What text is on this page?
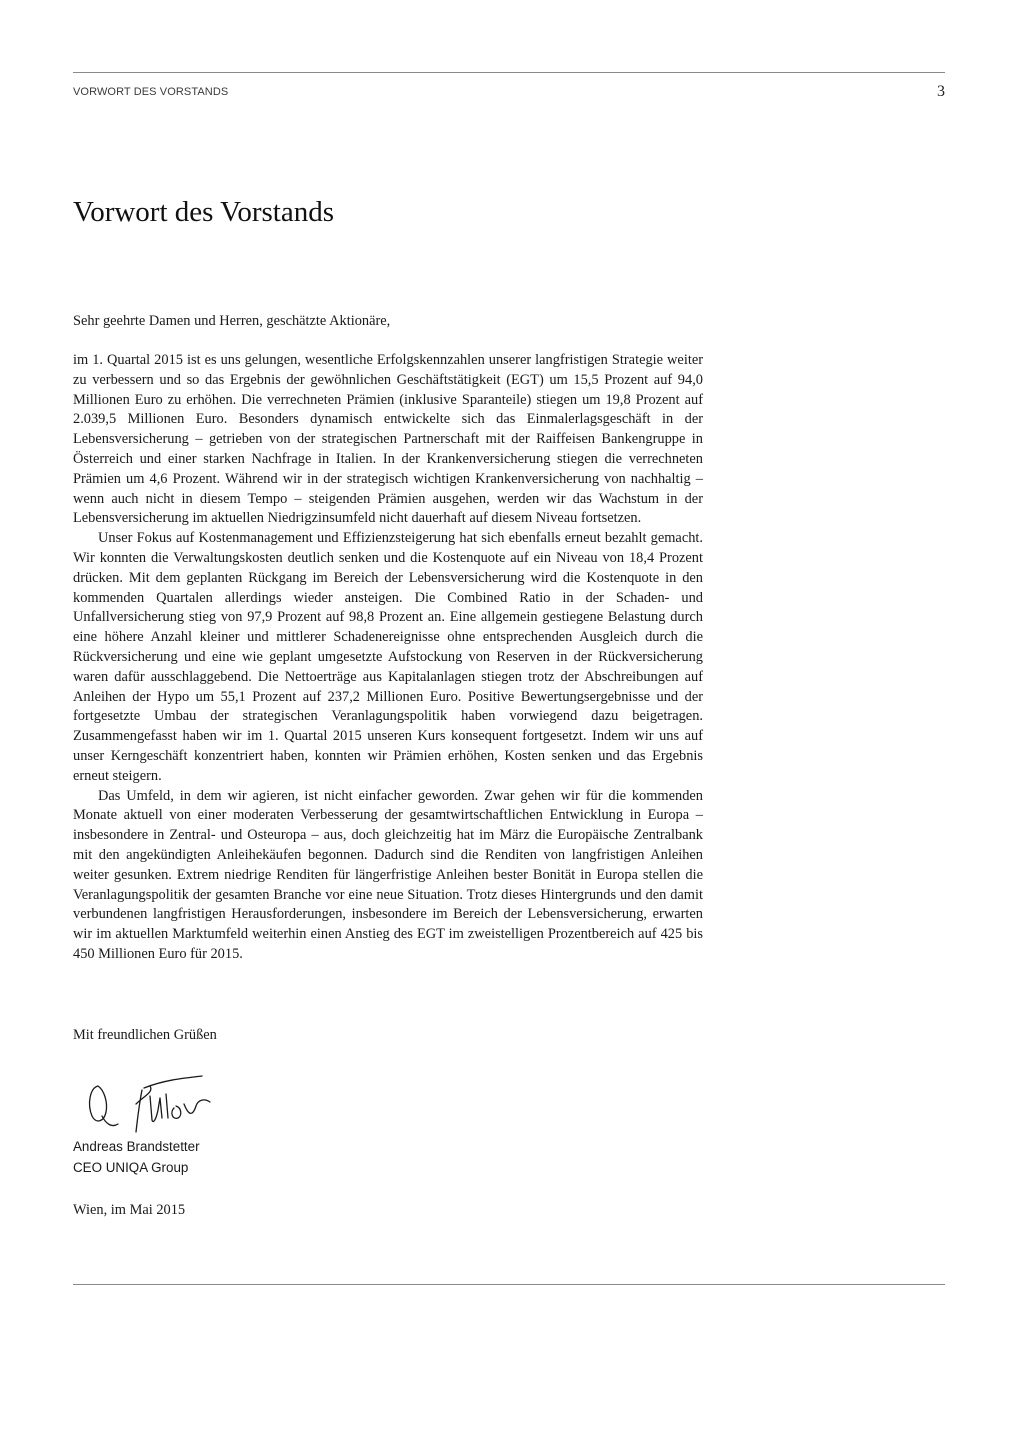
VORWORT DES VORSTANDS	3
Vorwort des Vorstands

Sehr geehrte Damen und Herren, geschätzte Aktionäre,

im 1. Quartal 2015 ist es uns gelungen, wesentliche Erfolgskennzahlen unserer langfristigen Strategie weiter zu verbessern und so das Ergebnis der gewöhnlichen Geschäftstätigkeit (EGT) um 15,5 Prozent auf 94,0 Millionen Euro zu erhöhen. Die verrechneten Prämien (inklusive Sparanteile) stiegen um 19,8 Prozent auf 2.039,5 Millionen Euro. Besonders dynamisch entwickelte sich das Einmalerlagsgeschäft in der Lebensversicherung – getrieben von der strategischen Partnerschaft mit der Raiffeisen Bankengruppe in Österreich und einer starken Nachfrage in Italien. In der Krankenversicherung stiegen die verrechneten Prämien um 4,6 Prozent. Während wir in der strategisch wichtigen Krankenversicherung von nachhaltig – wenn auch nicht in diesem Tempo – steigenden Prämien ausgehen, werden wir das Wachstum in der Lebensversicherung im aktuellen Niedrigzinsumfeld nicht dauerhaft auf diesem Niveau fortsetzen.

Unser Fokus auf Kostenmanagement und Effizienzsteigerung hat sich ebenfalls erneut bezahlt gemacht. Wir konnten die Verwaltungskosten deutlich senken und die Kostenquote auf ein Niveau von 18,4 Prozent drücken. Mit dem geplanten Rückgang im Bereich der Lebensversicherung wird die Kostenquote in den kommenden Quartalen allerdings wieder ansteigen. Die Combined Ratio in der Schaden- und Unfallversicherung stieg von 97,9 Prozent auf 98,8 Prozent an. Eine allgemein gestiegene Belastung durch eine höhere Anzahl kleiner und mittlerer Schadenereignisse ohne entsprechenden Ausgleich durch die Rückversicherung und eine wie geplant umgesetzte Aufstockung von Reserven in der Rückversicherung waren dafür ausschlaggebend. Die Nettoerträge aus Kapitalanlagen stiegen trotz der Abschreibungen auf Anleihen der Hypo um 55,1 Prozent auf 237,2 Millionen Euro. Positive Bewertungsergebnisse und der fortgesetzte Umbau der strategischen Veranlagungspolitik haben vorwiegend dazu beigetragen. Zusammengefasst haben wir im 1. Quartal 2015 unseren Kurs konsequent fortgesetzt. Indem wir uns auf unser Kerngeschäft konzentriert haben, konnten wir Prämien erhöhen, Kosten senken und das Ergebnis erneut steigern.

Das Umfeld, in dem wir agieren, ist nicht einfacher geworden. Zwar gehen wir für die kommenden Monate aktuell von einer moderaten Verbesserung der gesamtwirtschaftlichen Entwicklung in Europa – insbesondere in Zentral- und Osteuropa – aus, doch gleichzeitig hat im März die Europäische Zentralbank mit den angekündigten Anleihekäufen begonnen. Dadurch sind die Renditen von langfristigen Anleihen weiter gesunken. Extrem niedrige Renditen für längerfristige Anleihen bester Bonität in Europa stellen die Veranlagungspolitik der gesamten Branche vor eine neue Situation. Trotz dieses Hintergrunds und den damit verbundenen langfristigen Herausforderungen, insbesondere im Bereich der Lebensversicherung, erwarten wir im aktuellen Marktumfeld weiterhin einen Anstieg des EGT im zweistelligen Prozentbereich auf 425 bis 450 Millionen Euro für 2015.

Mit freundlichen Grüßen

Andreas Brandstetter

CEO UNIQA Group

Wien, im Mai 2015
